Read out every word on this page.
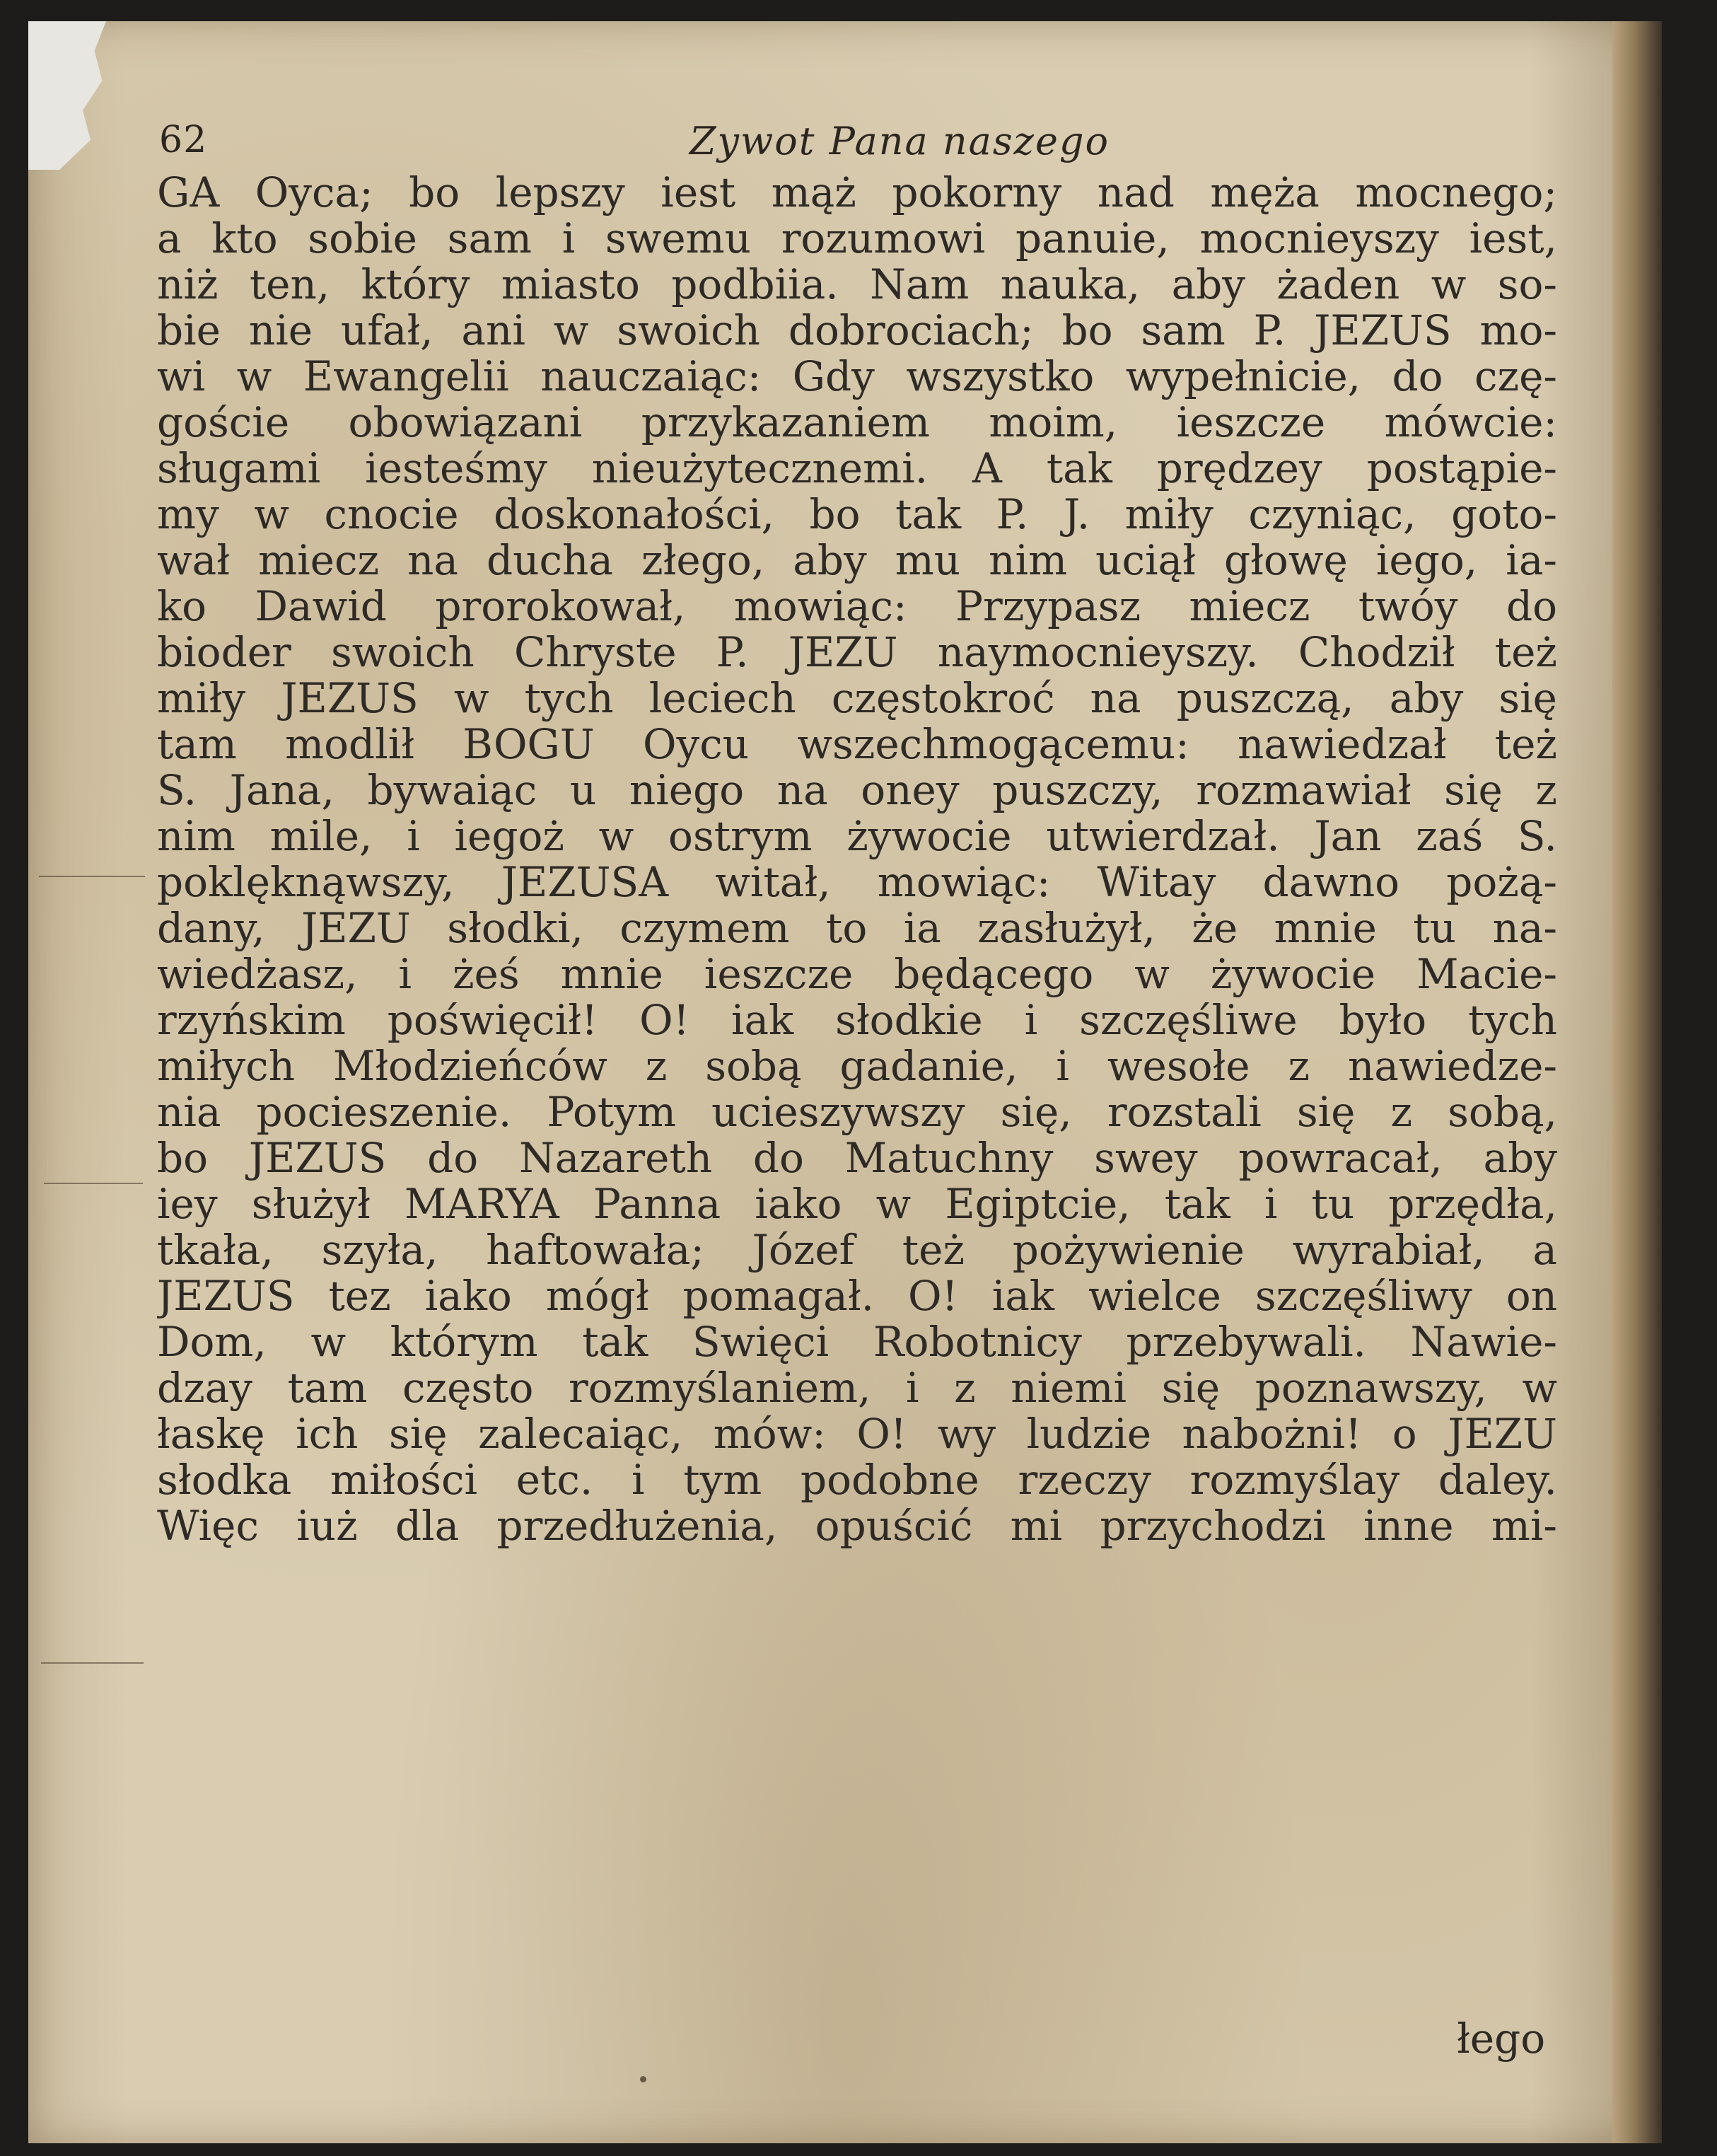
62	Zywot Pana naszego
GA Oyca; bo lepszy iest mąż pokorny nad męża mocnego;
a kto sobie sam i swemu rozumowi panuie, mocnieyszy iest,
niż ten, który miasto podbiia. Nam nauka, aby żaden w so-
bie nie ufał, ani w swoich dobrociach; bo sam P. JEZUS mo-
wi w Ewangelii nauczaiąc: Gdy wszystko wypełnicie, do czę-
goście obowiązani przykazaniem moim, ieszcze mówcie:
sługami iesteśmy nieużytecznemi. A tak prędzey postąpie-
my w cnocie doskonałości, bo tak P. J. miły czyniąc, goto-
wał miecz na ducha złego, aby mu nim uciął głowę iego, ia-
ko Dawid prorokował, mowiąc: Przypasz miecz twóy do
bioder swoich Chryste P. JEZU naymocnieyszy. Chodził też
miły JEZUS w tych leciech częstokroć na puszczą, aby się
tam modlił BOGU Oycu wszechmogącemu: nawiedzał też
S. Jana, bywaiąc u niego na oney puszczy, rozmawiał się z
nim mile, i iegoż w ostrym żywocie utwierdzał. Jan zaś S.
poklęknąwszy, JEZUSA witał, mowiąc: Witay dawno pożą-
dany, JEZU słodki, czymem to ia zasłużył, że mnie tu na-
wiedżasz, i żeś mnie ieszcze będącego w żywocie Macie-
rzyńskim poświęcił! O! iak słodkie i szczęśliwe było tych
miłych Młodzieńców z sobą gadanie, i wesołe z nawiedze-
nia pocieszenie. Potym ucieszywszy się, rozstali się z sobą,
bo JEZUS do Nazareth do Matuchny swey powracał, aby
iey służył MARYA Panna iako w Egiptcie, tak i tu przędła,
tkała, szyła, haftowała; Józef też pożywienie wyrabiał, a
JEZUS tez iako mógł pomagał. O! iak wielce szczęśliwy on
Dom, w którym tak Swięci Robotnicy przebywali. Nawie-
dzay tam często rozmyślaniem, i z niemi się poznawszy, w
łaskę ich się zalecaiąc, mów: O! wy ludzie nabożni! o JEZU
słodka miłości etc. i tym podobne rzeczy rozmyślay daley.
Więc iuż dla przedłużenia, opuścić mi przychodzi inne mi-
łego
